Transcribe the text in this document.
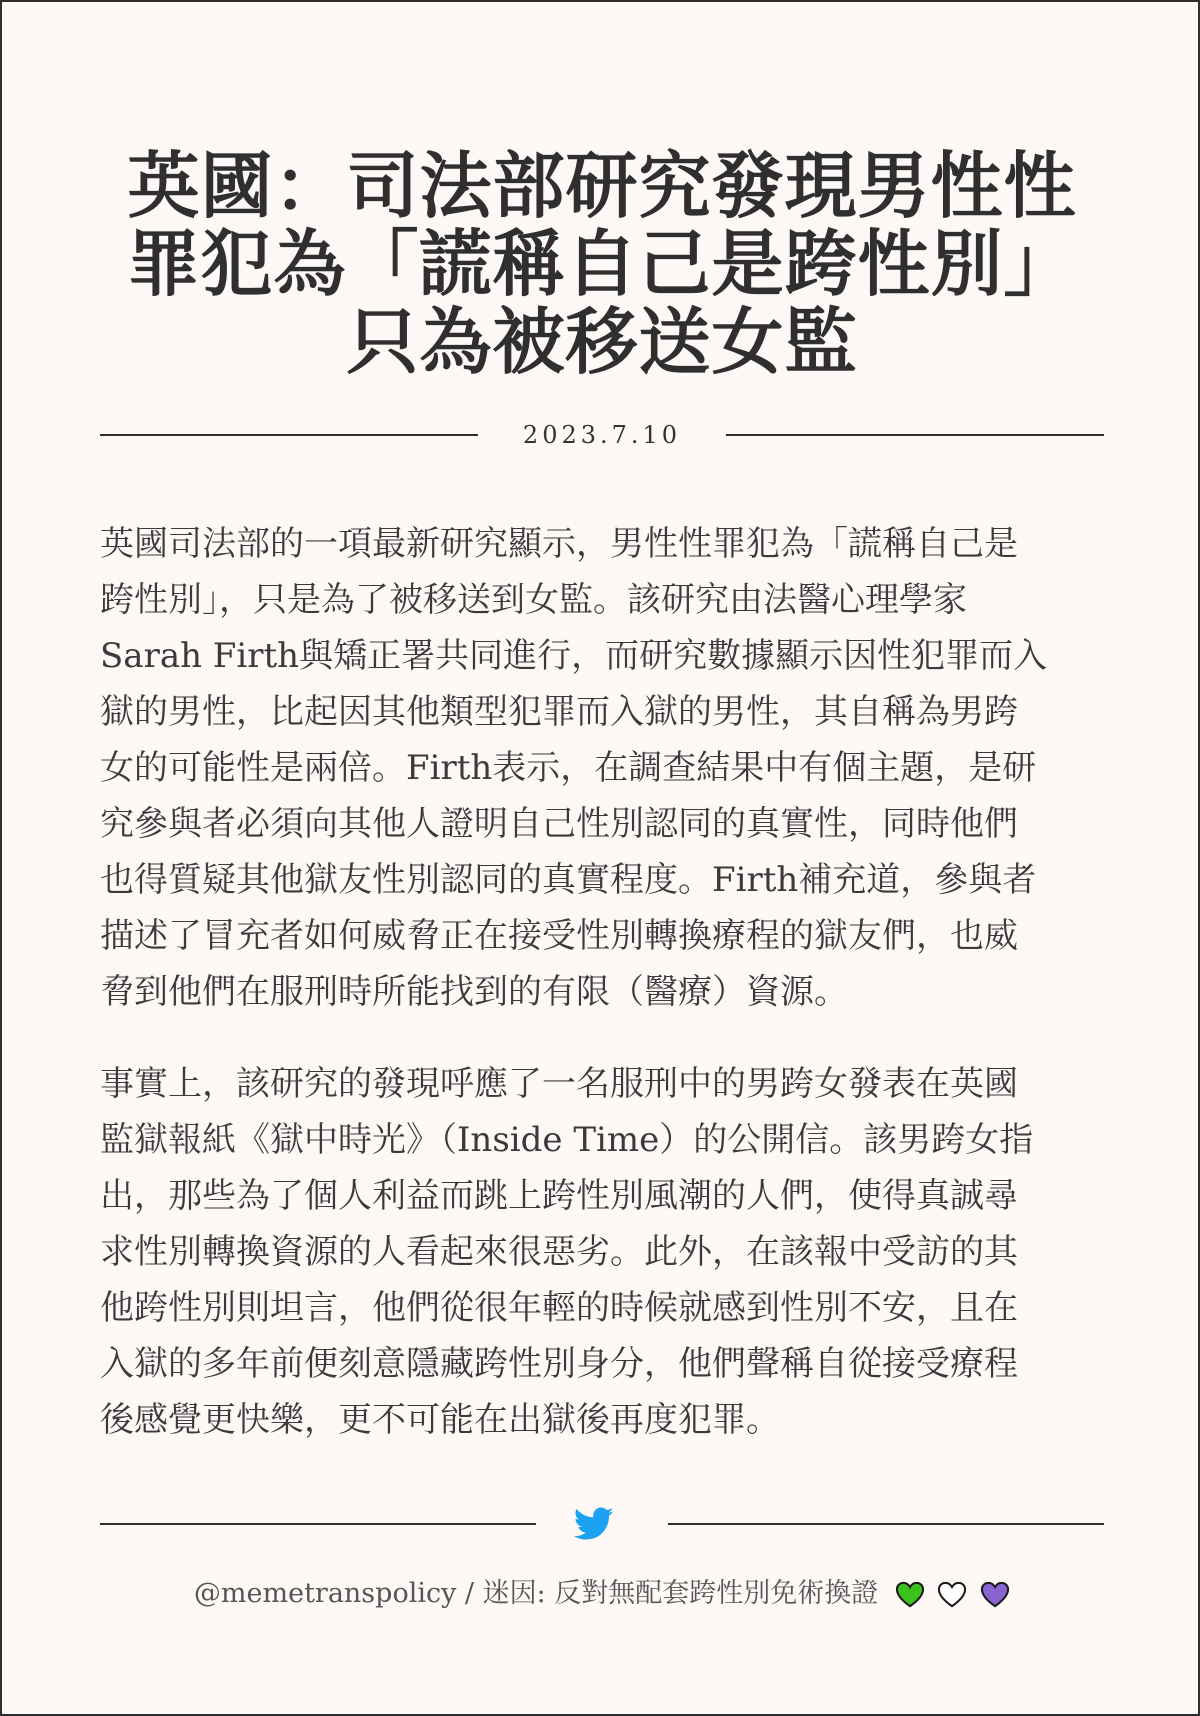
英國：司法部研究發現男性性
罪犯為「謊稱自己是跨性別」
只為被移送女監
2023.7.10

英國司法部的一項最新研究顯示，男性性罪犯為「謊稱自己是
跨性別」，只是為了被移送到女監。該研究由法醫心理學家
Sarah Firth與矯正署共同進行，而研究數據顯示因性犯罪而入
獄的男性，比起因其他類型犯罪而入獄的男性，其自稱為男跨
女的可能性是兩倍。Firth表示，在調查結果中有個主題，是研
究參與者必須向其他人證明自己性別認同的真實性，同時他們
也得質疑其他獄友性別認同的真實程度。Firth補充道，參與者
描述了冒充者如何威脅正在接受性別轉換療程的獄友們，也威
脅到他們在服刑時所能找到的有限（醫療）資源。

事實上，該研究的發現呼應了一名服刑中的男跨女發表在英國
監獄報紙《獄中時光》（Inside Time）的公開信。該男跨女指
出，那些為了個人利益而跳上跨性別風潮的人們，使得真誠尋
求性別轉換資源的人看起來很惡劣。此外，在該報中受訪的其
他跨性別則坦言，他們從很年輕的時候就感到性別不安，且在
入獄的多年前便刻意隱藏跨性別身分，他們聲稱自從接受療程
後感覺更快樂，更不可能在出獄後再度犯罪。

@memetranspolicy / 迷因: 反對無配套跨性別免術換證
